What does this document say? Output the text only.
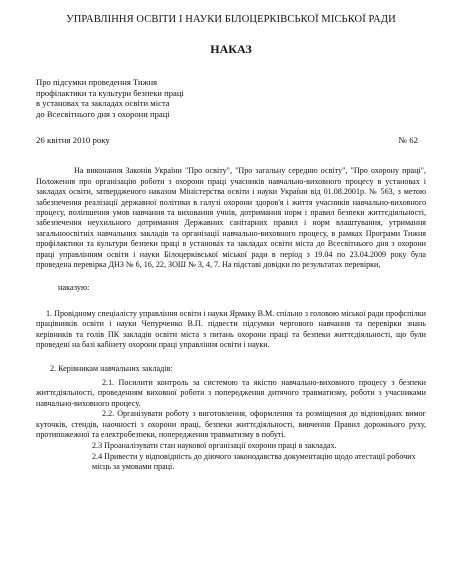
УПРАВЛІННЯ ОСВІТИ І НАУКИ БІЛОЦЕРКІВСЬКОЇ МІСЬКОЇ РАДИ
НАКАЗ
Про підсумки проведення Тижня
профілактики та культури безпеки праці
в установах та закладах освіти міста
до Всесвітнього дня з охорони праці
26 квітня 2010 року	№ 62

На виконання Законів України "Про освіту", "Про загальну середню освіту", "Про охорону праці", Положення про організацію роботи з охорони праці учасників навчально-виховного процесу в установах і закладах освіти, затвердженого наказом Міністерства освіти і науки України від 01.08.2001р. № 563, з метою забезпечення реалізації державної політики в галузі охорони здоров'я і життя учасників навчально-виховного процесу, поліпшення умов навчання та виховання учнів, дотримання норм і правил безпеки життєдіяльності, забезпечення неухильного дотримання Державних санітарних правил і норм влаштування, утримання загальноосвітніх навчальних закладів та організації навчально-виховного процесу, в рамках Програми Тижня профілактики та культури безпеки праці в установах та закладах освіти міста до Всесвітнього дня з охорони праці управлінням освіти і науки Білоцерківської міської ради в період з 19.04 по 23.04.2009 року була проведена перевірка ДНЗ № 6, 16, 22, ЗОШ № 3, 4, 7. На підставі довідки по результатах перевірки,

наказую:

1. Провідному спеціалісту управління освіти і науки Ярмаку В.М. спільно з головою міської ради профспілки працівників освіти і науки Чепурченко В.П. підвести підсумки чергового навчання та перевірки знань керівників та голів ПК закладів освіти міста з питань охорони праці та безпеки життєдіяльності, що були проведені на базі кабінету охорони праці управління освіти і науки.

2. Керівникам навчальних закладів:

2.1. Посилити контроль за системою та якістю навчально-виховного процесу з безпеки життєдіяльності, проведенням виховної роботи з попередження дитячого травматизму, роботи з учасниками навчально-виховного процесу.

2.2. Організувати роботу з виготовлення, оформлення та розміщення до відповідних вимог куточків, стендів, наочності з охорони праці, безпеки життєдіяльності, вивчення Правил дорожнього руху, протипожежної та електробезпеки, попередження травматизму в побуті.

2.3 Проаналізувати стан наукової організації охорони праці в закладах.

2.4 Привести у відповідність до діючого законодавства документацію щодо атестації робочих місць за умовами праці.
